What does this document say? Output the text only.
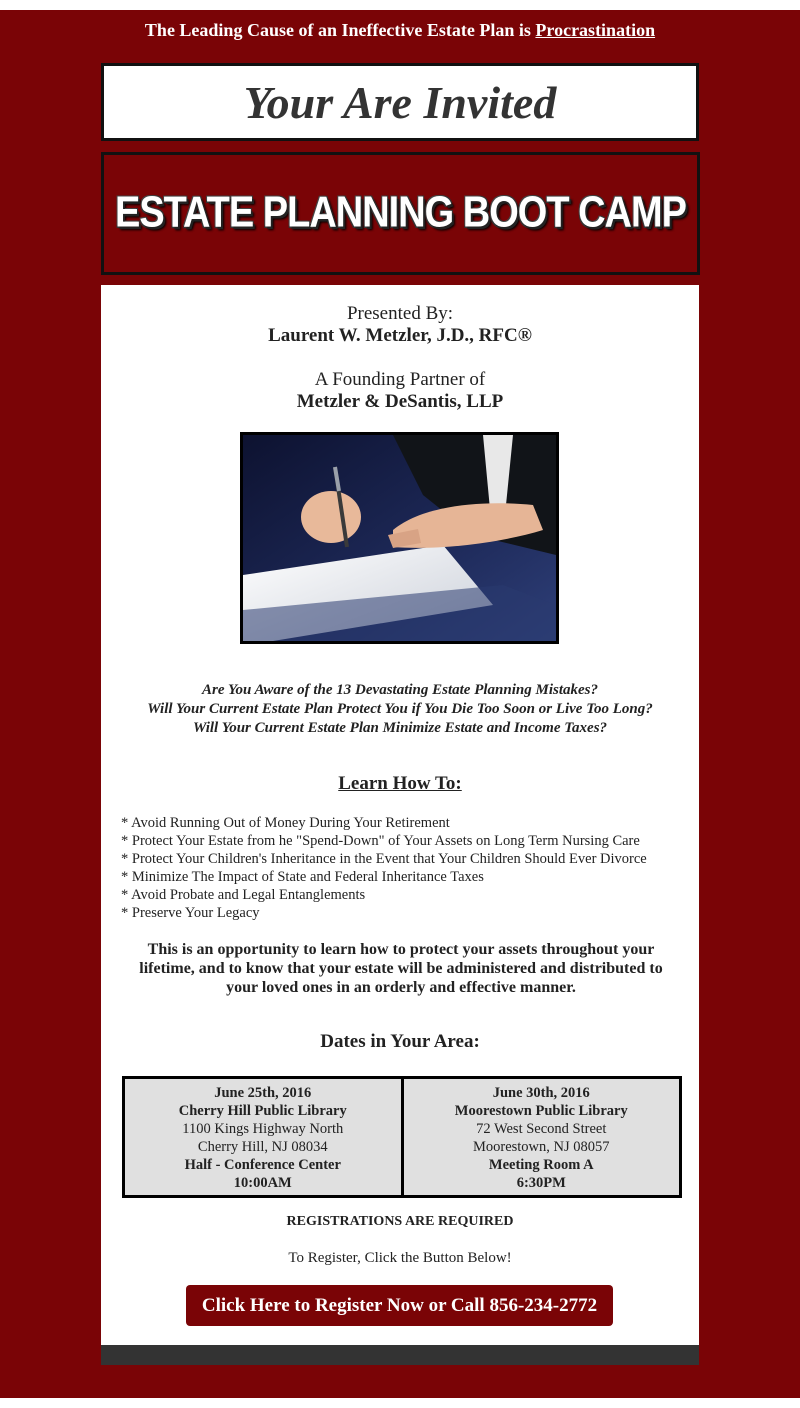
The Leading Cause of an Ineffective Estate Plan is Procrastination
Your Are Invited
ESTATE PLANNING BOOT CAMP
Presented By:
Laurent W. Metzler, J.D., RFC®
A Founding Partner of
Metzler & DeSantis, LLP
Are You Aware of the 13 Devastating Estate Planning Mistakes?
Will Your Current Estate Plan Protect You if You Die Too Soon or Live Too Long?
Will Your Current Estate Plan Minimize Estate and Income Taxes?
Learn How To:
* Avoid Running Out of Money During Your Retirement
* Protect Your Estate from he "Spend-Down" of Your Assets on Long Term Nursing Care
* Protect Your Children's Inheritance in the Event that Your Children Should Ever Divorce
* Minimize The Impact of State and Federal Inheritance Taxes
* Avoid Probate and Legal Entanglements
* Preserve Your Legacy
This is an opportunity to learn how to protect your assets throughout your lifetime, and to know that your estate will be administered and distributed to your loved ones in an orderly and effective manner.
Dates in Your Area:
June 25th, 2016
Cherry Hill Public Library
1100 Kings Highway North
Cherry Hill, NJ 08034
Half - Conference Center
10:00AM
June 30th, 2016
Moorestown Public Library
72 West Second Street
Moorestown, NJ 08057
Meeting Room A
6:30PM
REGISTRATIONS ARE REQUIRED
To Register, Click the Button Below!
Click Here to Register Now or Call 856-234-2772
